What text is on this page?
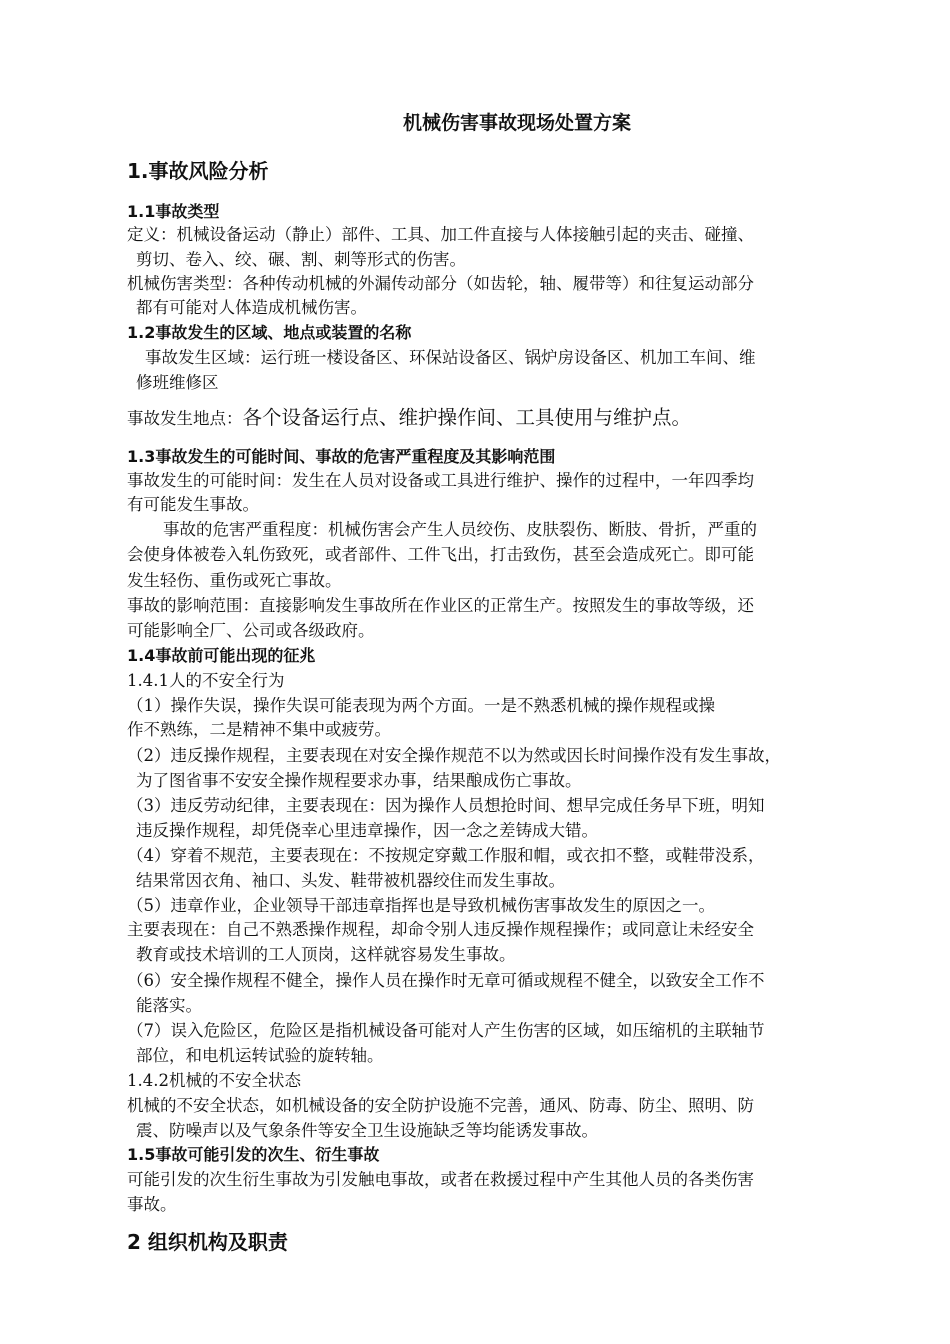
机械伤害事故现场处置方案
1.事故风险分析
1.1事故类型
定义：机械设备运动（静止）部件、工具、加工件直接与人体接触引起的夹击、碰撞、
剪切、卷入、绞、碾、割、刺等形式的伤害。
机械伤害类型：各种传动机械的外漏传动部分（如齿轮，轴、履带等）和往复运动部分
都有可能对人体造成机械伤害。
1.2事故发生的区域、地点或装置的名称
事故发生区域：运行班一楼设备区、环保站设备区、锅炉房设备区、机加工车间、维
修班维修区
事故发生地点：各个设备运行点、维护操作间、工具使用与维护点。
1.3事故发生的可能时间、事故的危害严重程度及其影响范围
事故发生的可能时间：发生在人员对设备或工具进行维护、操作的过程中，一年四季均
有可能发生事故。
事故的危害严重程度：机械伤害会产生人员绞伤、皮肤裂伤、断肢、骨折，严重的
会使身体被卷入轧伤致死，或者部件、工件飞出，打击致伤，甚至会造成死亡。即可能
发生轻伤、重伤或死亡事故。
事故的影响范围：直接影响发生事故所在作业区的正常生产。按照发生的事故等级，还
可能影响全厂、公司或各级政府。
1.4事故前可能出现的征兆
1.4.1人的不安全行为
（1）操作失误，操作失误可能表现为两个方面。一是不熟悉机械的操作规程或操
作不熟练，二是精神不集中或疲劳。
（2）违反操作规程，主要表现在对安全操作规范不以为然或因长时间操作没有发生事故，
为了图省事不安安全操作规程要求办事，结果酿成伤亡事故。
（3）违反劳动纪律，主要表现在：因为操作人员想抢时间、想早完成任务早下班，明知
违反操作规程，却凭侥幸心里违章操作，因一念之差铸成大错。
（4）穿着不规范，主要表现在：不按规定穿戴工作服和帽，或衣扣不整，或鞋带没系，
结果常因衣角、袖口、头发、鞋带被机器绞住而发生事故。
（5）违章作业，企业领导干部违章指挥也是导致机械伤害事故发生的原因之一。
主要表现在：自己不熟悉操作规程，却命令别人违反操作规程操作；或同意让未经安全
教育或技术培训的工人顶岗，这样就容易发生事故。
（6）安全操作规程不健全，操作人员在操作时无章可循或规程不健全，以致安全工作不
能落实。
（7）误入危险区，危险区是指机械设备可能对人产生伤害的区域，如压缩机的主联轴节
部位，和电机运转试验的旋转轴。
1.4.2机械的不安全状态
机械的不安全状态，如机械设备的安全防护设施不完善，通风、防毒、防尘、照明、防
震、防噪声以及气象条件等安全卫生设施缺乏等均能诱发事故。
1.5事故可能引发的次生、衍生事故
可能引发的次生衍生事故为引发触电事故，或者在救援过程中产生其他人员的各类伤害
事故。
2 组织机构及职责
